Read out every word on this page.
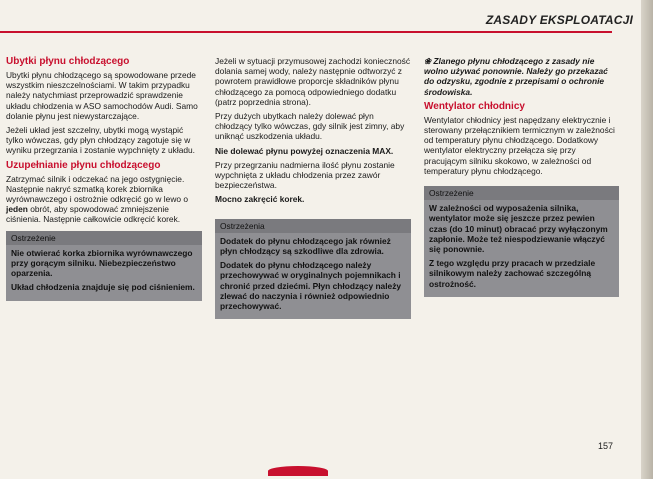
ZASADY EKSPLOATACJI
Ubytki płynu chłodzącego

Ubytki płynu chłodzącego są spowodowane przede wszystkim nieszczelnościami. W takim przypadku należy natychmiast przeprowadzić sprawdzenie układu chłodzenia w ASO samochodów Audi. Samo dolanie płynu jest niewystarczające.

Jeżeli układ jest szczelny, ubytki mogą wystąpić tylko wówczas, gdy płyn chłodzący zagotuje się w wyniku przegrzania i zostanie wypchnięty z układu.

Uzupełnianie płynu chłodzącego

Zatrzymać silnik i odczekać na jego ostygnięcie. Następnie nakryć szmatką korek zbiornika wyrównawczego i ostrożnie odkręcić go w lewo o jeden obrót, aby spowodować zmniejszenie ciśnienia. Następnie całkowicie odkręcić korek.

Ostrzeżenie

Nie otwierać korka zbiornika wyrównawczego przy gorącym silniku. Niebezpieczeństwo oparzenia.

Układ chłodzenia znajduje się pod ciśnieniem.

Jeżeli w sytuacji przymusowej zachodzi konieczność dolania samej wody, należy następnie odtworzyć z powrotem prawidłowe proporcje składników płynu chłodzącego za pomocą odpowiedniego dodatku (patrz poprzednia strona).

Przy dużych ubytkach należy dolewać płyn chłodzący tylko wówczas, gdy silnik jest zimny, aby uniknąć uszkodzenia układu.

Nie dolewać płynu powyżej oznaczenia MAX.

Przy przegrzaniu nadmierna ilość płynu zostanie wypchnięta z układu chłodzenia przez zawór bezpieczeństwa.

Mocno zakręcić korek.

Ostrzeżenia

Dodatek do płynu chłodzącego jak również płyn chłodzący są szkodliwe dla zdrowia.

Dodatek do płynu chłodzącego należy przechowywać w oryginalnych pojemnikach i chronić przed dziećmi. Płyn chłodzący należy zlewać do naczynia i również odpowiednio przechowywać.

❀ Zlanego płynu chłodzącego z zasady nie wolno używać ponownie. Należy go przekazać do odzysku, zgodnie z przepisami o ochronie środowiska.

Wentylator chłodnicy

Wentylator chłodnicy jest napędzany elektrycznie i sterowany przełącznikiem termicznym w zależności od temperatury płynu chłodzącego. Dodatkowy wentylator elektryczny przełącza się przy pracującym silniku skokowo, w zależności od temperatury płynu chłodzącego.

Ostrzeżenie

W zależności od wyposażenia silnika, wentylator może się jeszcze przez pewien czas (do 10 minut) obracać przy wyłączonym zapłonie. Może też niespodziewanie włączyć się ponownie.

Z tego względu przy pracach w przedziale silnikowym należy zachować szczególną ostrożność.

157
